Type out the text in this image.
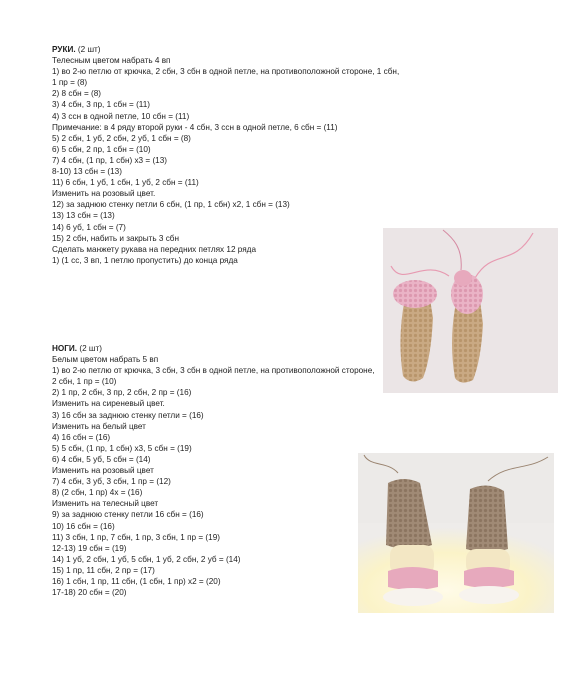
РУКИ. (2 шт)
Телесным цветом набрать 4 вп
1) во 2-ю петлю от крючка, 2 сбн, 3 сбн в одной петле, на противоположной стороне, 1 сбн,
1 пр = (8)
2) 8 сбн = (8)
3) 4 сбн, 3 пр, 1 сбн = (11)
4) 3 ссн в одной петле, 10 сбн = (11)
Примечание: в 4 ряду второй руки - 4 сбн, 3 ссн в одной петле, 6 сбн = (11)
5) 2 сбн, 1 уб, 2 сбн, 2 уб, 1 сбн = (8)
6) 5 сбн, 2 пр, 1 сбн = (10)
7) 4 сбн, (1 пр, 1 сбн) х3 = (13)
8-10) 13 сбн = (13)
11) 6 сбн, 1 уб, 1 сбн, 1 уб, 2 сбн = (11)
Изменить на розовый цвет.
12) за заднюю стенку петли 6 сбн, (1 пр, 1 сбн) х2, 1 сбн = (13)
13) 13 сбн = (13)
14) 6 уб, 1 сбн = (7)
15) 2 сбн, набить и закрыть 3 сбн
Сделать манжету рукава на передних петлях 12 ряда
1) (1 сс, 3 вп, 1 петлю пропустить) до конца ряда
НОГИ. (2 шт)
Белым цветом набрать 5 вп
1) во 2-ю петлю от крючка, 3 сбн, 3 сбн в одной петле, на противоположной стороне,
2 сбн, 1 пр = (10)
2) 1 пр, 2 сбн, 3 пр, 2 сбн, 2 пр = (16)
Изменить на сиреневый цвет.
3) 16 сбн за заднюю стенку петли = (16)
Изменить на белый цвет
4) 16 сбн = (16)
5) 5 сбн, (1 пр, 1 сбн) х3, 5 сбн = (19)
6) 4 сбн, 5 уб, 5 сбн = (14)
Изменить на розовый цвет
7) 4 сбн, 3 уб, 3 сбн, 1 пр = (12)
8) (2 сбн, 1 пр) 4х = (16)
Изменить на телесный цвет
9) за заднюю стенку петли 16 сбн = (16)
10) 16 сбн = (16)
11) 3 сбн, 1 пр, 7 сбн, 1 пр, 3 сбн, 1 пр = (19)
12-13) 19 сбн = (19)
14) 1 уб, 2 сбн, 1 уб, 5 сбн, 1 уб, 2 сбн, 2 уб = (14)
15) 1 пр, 11 сбн, 2 пр = (17)
16) 1 сбн, 1 пр, 11 сбн, (1 сбн, 1 пр) х2 = (20)
17-18) 20 сбн = (20)
